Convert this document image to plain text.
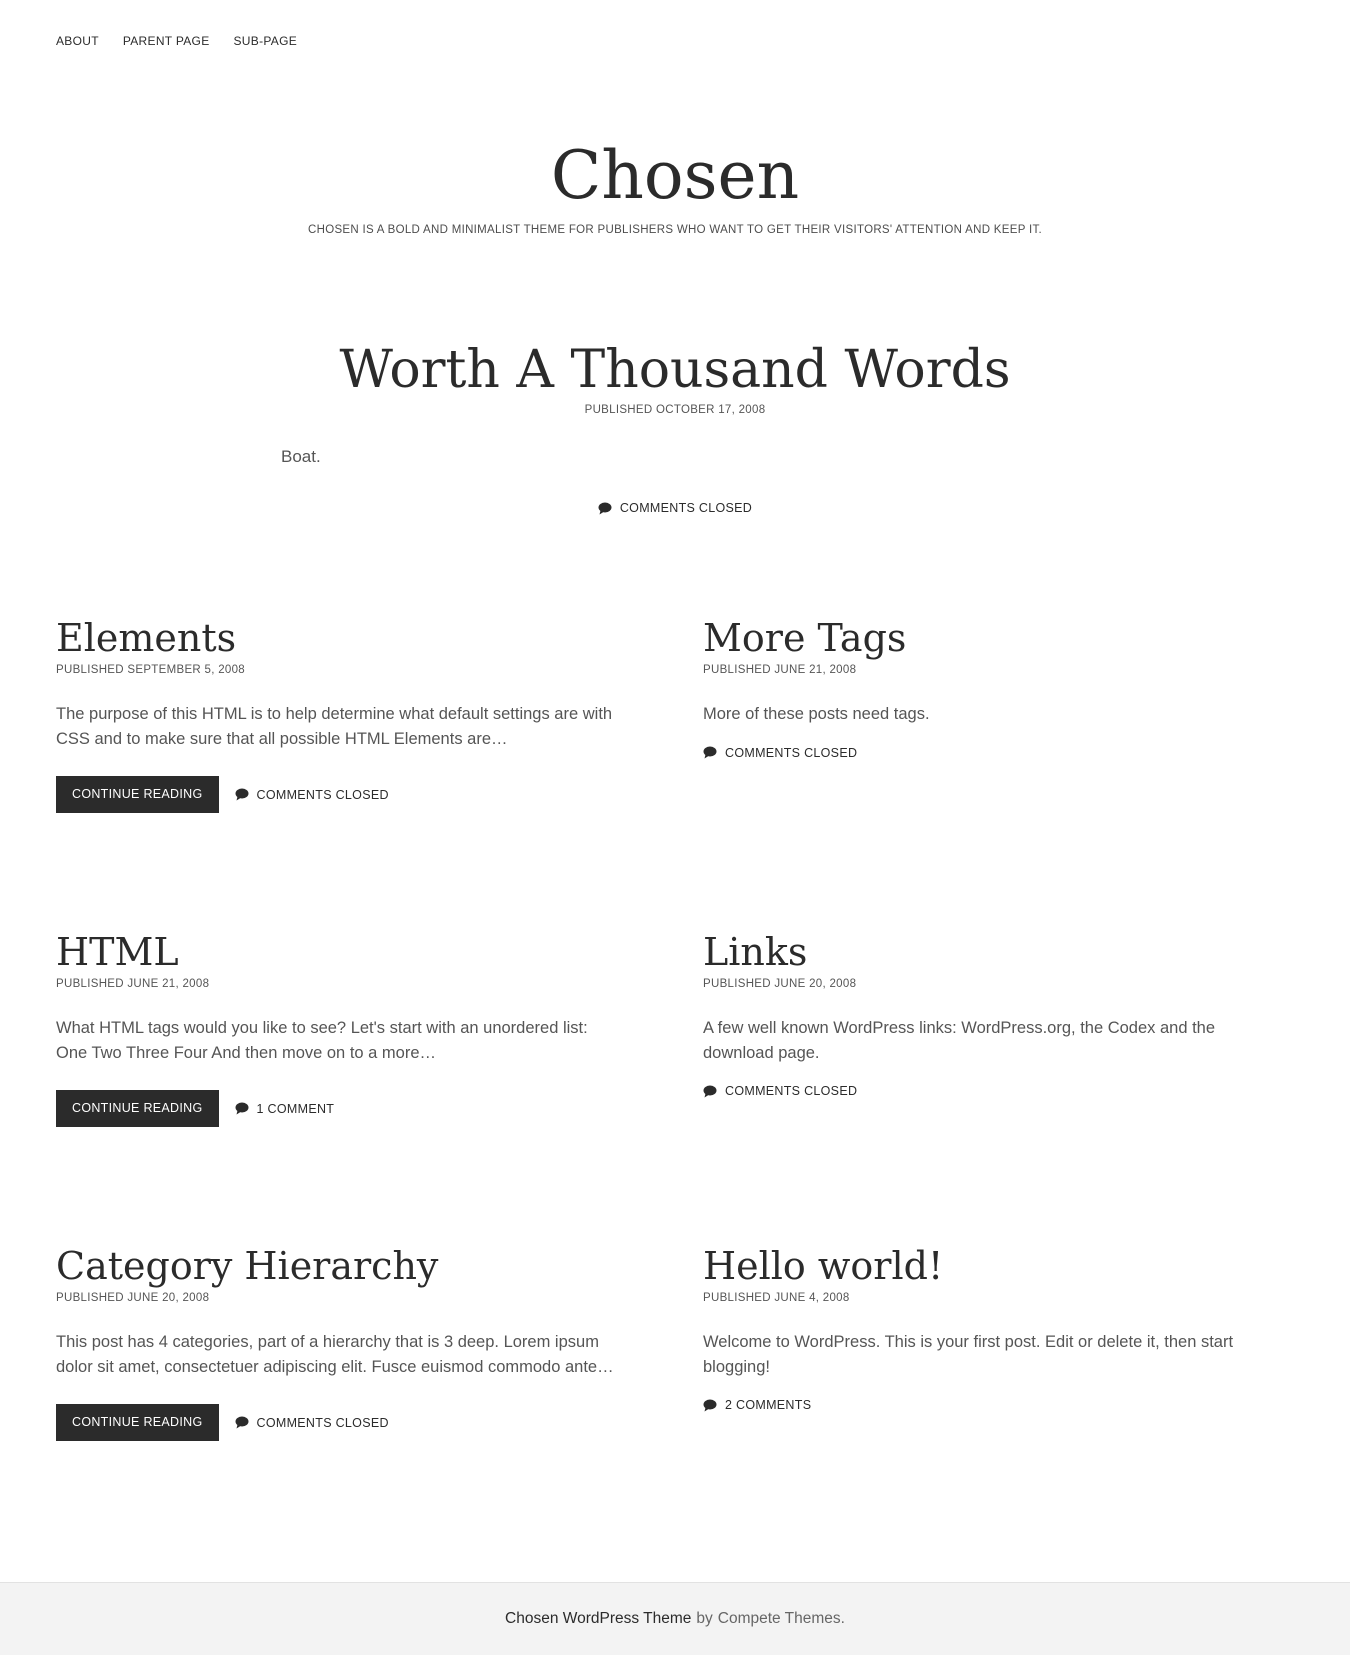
ABOUT PARENT PAGE SUB-PAGE
Chosen
CHOSEN IS A BOLD AND MINIMALIST THEME FOR PUBLISHERS WHO WANT TO GET THEIR VISITORS' ATTENTION AND KEEP IT.
Worth A Thousand Words
PUBLISHED OCTOBER 17, 2008
Boat.
COMMENTS CLOSED
Elements
PUBLISHED SEPTEMBER 5, 2008
The purpose of this HTML is to help determine what default settings are with
CSS and to make sure that all possible HTML Elements are…
CONTINUE READING	COMMENTS CLOSED
More Tags
PUBLISHED JUNE 21, 2008
More of these posts need tags.
COMMENTS CLOSED
HTML
PUBLISHED JUNE 21, 2008
What HTML tags would you like to see? Let's start with an unordered list:
One Two Three Four And then move on to a more…
CONTINUE READING	1 COMMENT
Links
PUBLISHED JUNE 20, 2008
A few well known WordPress links: WordPress.org, the Codex and the
download page.
COMMENTS CLOSED
Category Hierarchy
PUBLISHED JUNE 20, 2008
This post has 4 categories, part of a hierarchy that is 3 deep. Lorem ipsum
dolor sit amet, consectetuer adipiscing elit. Fusce euismod commodo ante…
CONTINUE READING	COMMENTS CLOSED
Hello world!
PUBLISHED JUNE 4, 2008
Welcome to WordPress. This is your first post. Edit or delete it, then start
blogging!
2 COMMENTS
Chosen WordPress Theme by Compete Themes.
